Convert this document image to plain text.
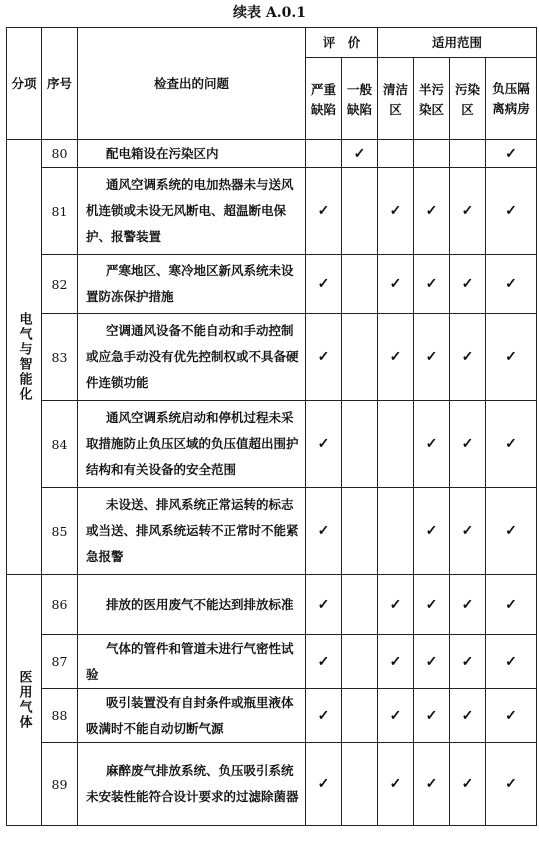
续表 A.0.1
分项	序号	检查出的问题	评　价		适用范围			

			严重缺陷	一般缺陷	清洁区	半污染区	污染区	负压隔离病房

电气与智能化	80	配电箱设在污染区内		✓				✓
	81	通风空调系统的电加热器未与送风机连锁或未设无风断电、超温断电保护、报警装置	✓		✓	✓	✓	✓
	82	严寒地区、寒冷地区新风系统未设置防冻保护措施	✓		✓	✓	✓	✓
	83	空调通风设备不能自动和手动控制或应急手动没有优先控制权或不具备硬件连锁功能	✓		✓	✓	✓	✓
	84	通风空调系统启动和停机过程未采取措施防止负压区域的负压值超出围护结构和有关设备的安全范围	✓			✓	✓	✓
	85	未设送、排风系统正常运转的标志或当送、排风系统运转不正常时不能紧急报警	✓			✓	✓	✓

医用气体	86	排放的医用废气不能达到排放标准	✓		✓	✓	✓	✓
	87	气体的管件和管道未进行气密性试验	✓		✓	✓	✓	✓
	88	吸引装置没有自封条件或瓶里液体吸满时不能自动切断气源	✓		✓	✓	✓	✓
	89	麻醉废气排放系统、负压吸引系统未安装性能符合设计要求的过滤除菌器	✓		✓	✓	✓	✓
